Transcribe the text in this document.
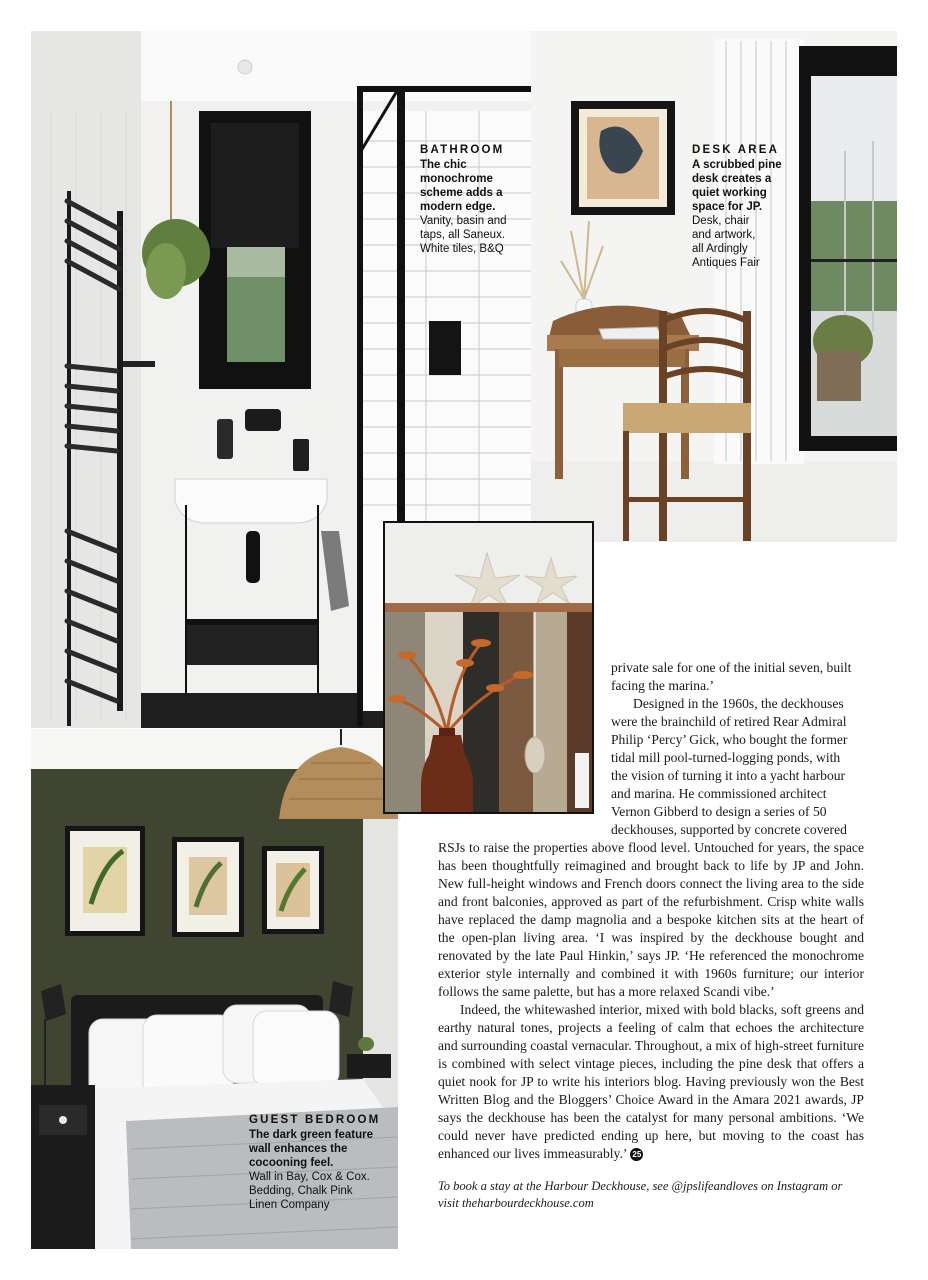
BATHROOM
The chic
monochrome
scheme adds a
modern edge.
Vanity, basin and
taps, all Saneux.
White tiles, B&Q
DESK AREA
A scrubbed pine
desk creates a
quiet working
space for JP.
Desk, chair
and artwork,
all Ardingly
Antiques Fair
GUEST BEDROOM
The dark green feature
wall enhances the
cocooning feel.
Wall in Bay, Cox & Cox.
Bedding, Chalk Pink
Linen Company

private sale for one of the initial seven, built

facing the marina.’

Designed in the 1960s, the deckhouses

were the brainchild of retired Rear Admiral

Philip ‘Percy’ Gick, who bought the former

tidal mill pool-turned-logging ponds, with

the vision of turning it into a yacht harbour

and marina. He commissioned architect

Vernon Gibberd to design a series of 50

deckhouses, supported by concrete covered

RSJs to raise the properties above flood level. Untouched for years, the space has been thoughtfully reimagined and brought back to life by JP and John. New full-height windows and French doors connect the living area to the side and front balconies, approved as part of the refurbishment. Crisp white walls have replaced the damp magnolia and a bespoke kitchen sits at the heart of the open-plan living area. ‘I was inspired by the deckhouse bought and renovated by the late Paul Hinkin,’ says JP. ‘He referenced the monochrome exterior style internally and combined it with 1960s furniture; our interior follows the same palette, but has a more relaxed Scandi vibe.’

Indeed, the whitewashed interior, mixed with bold blacks, soft greens and earthy natural tones, projects a feeling of calm that echoes the architecture and surrounding coastal vernacular. Throughout, a mix of high-street furniture is combined with select vintage pieces, including the pine desk that offers a quiet nook for JP to write his interiors blog. Having previously won the Best Written Blog and the Bloggers’ Choice Award in the Amara 2021 awards, JP says the deckhouse has been the catalyst for many personal ambitions. ‘We could never have predicted ending up here, but moving to the coast has enhanced our lives immeasurably.’ 25

To book a stay at the Harbour Deckhouse, see @jpslifeandloves on Instagram or visit theharbourdeckhouse.com
